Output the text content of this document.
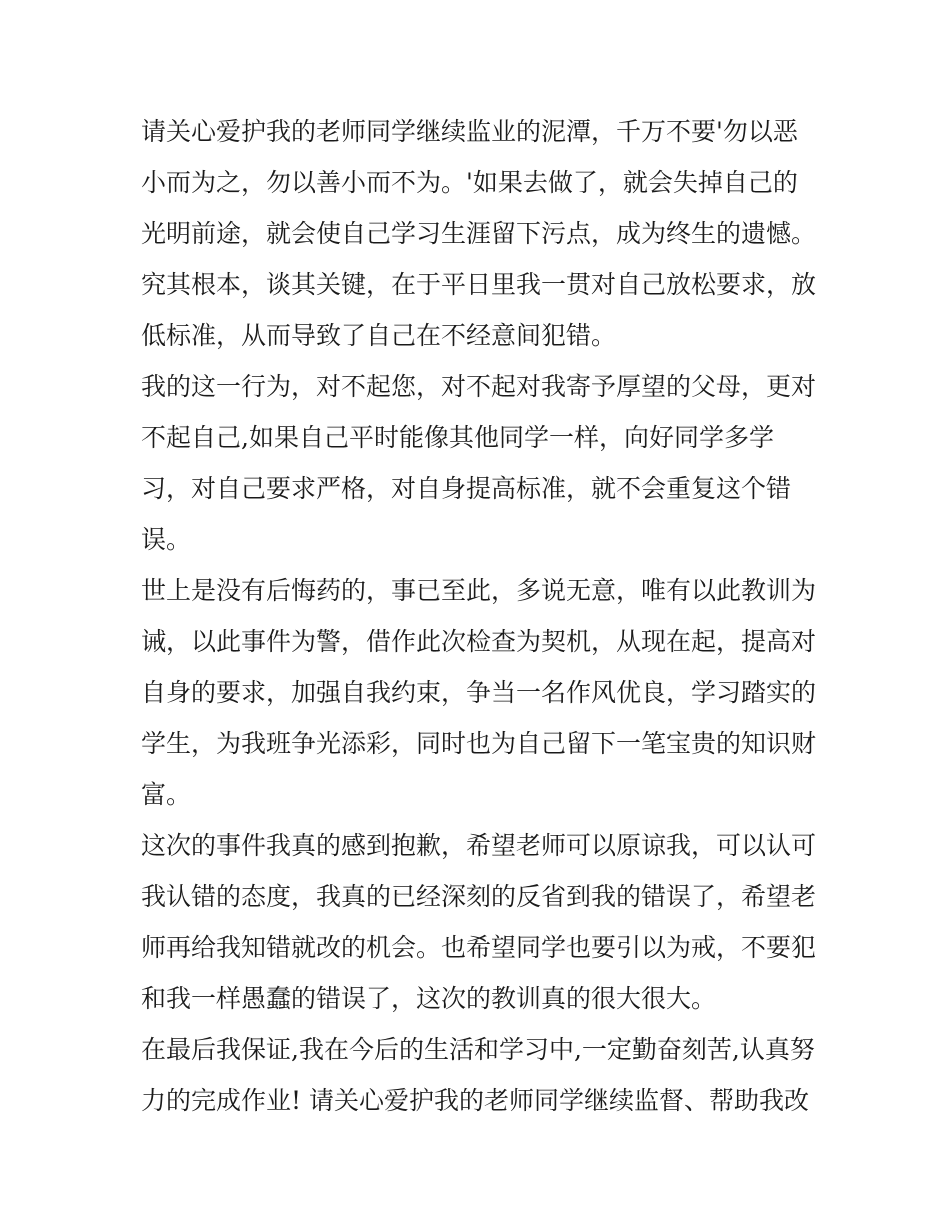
请关心爱护我的老师同学继续监业的泥潭，千万不要'勿以恶
小而为之，勿以善小而不为。'如果去做了，就会失掉自己的
光明前途，就会使自己学习生涯留下污点，成为终生的遗憾。
究其根本，谈其关键，在于平日里我一贯对自己放松要求，放
低标准，从而导致了自己在不经意间犯错。
我的这一行为，对不起您，对不起对我寄予厚望的父母，更对
不起自己,如果自己平时能像其他同学一样，向好同学多学
习，对自己要求严格，对自身提高标准，就不会重复这个错
误。
世上是没有后悔药的，事已至此，多说无意，唯有以此教训为
诫，以此事件为警，借作此次检查为契机，从现在起，提高对
自身的要求，加强自我约束，争当一名作风优良，学习踏实的
学生，为我班争光添彩，同时也为自己留下一笔宝贵的知识财
富。
这次的事件我真的感到抱歉，希望老师可以原谅我，可以认可
我认错的态度，我真的已经深刻的反省到我的错误了，希望老
师再给我知错就改的机会。也希望同学也要引以为戒，不要犯
和我一样愚蠢的错误了，这次的教训真的很大很大。
在最后我保证,我在今后的生活和学习中,一定勤奋刻苦,认真努
力的完成作业! 请关心爱护我的老师同学继续监督、帮助我改
